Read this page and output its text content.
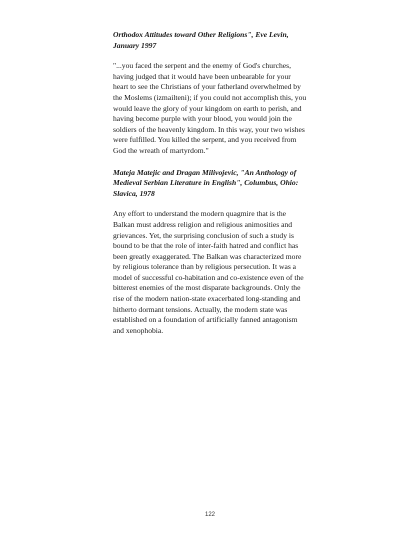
Orthodox Attitudes toward Other Religions", Eve Levin, January 1997

"...you faced the serpent and the enemy of God's churches, having judged that it would have been unbearable for your heart to see the Christians of your fatherland overwhelmed by the Moslems (izmailteni); if you could not accomplish this, you would leave the glory of your kingdom on earth to perish, and having become purple with your blood, you would join the soldiers of the heavenly kingdom. In this way, your two wishes were fulfilled. You killed the serpent, and you received from God the wreath of martyrdom."

Mateja Matejic and Dragan Milivojevic, "An Anthology of Medieval Serbian Literature in English", Columbus, Ohio: Slavica, 1978

Any effort to understand the modern quagmire that is the Balkan must address religion and religious animosities and grievances. Yet, the surprising conclusion of such a study is bound to be that the role of inter-faith hatred and conflict has been greatly exaggerated. The Balkan was characterized more by religious tolerance than by religious persecution. It was a model of successful co-habitation and co-existence even of the bitterest enemies of the most disparate backgrounds. Only the rise of the modern nation-state exacerbated long-standing and hitherto dormant tensions. Actually, the modern state was established on a foundation of artificially fanned antagonism and xenophobia.

122
